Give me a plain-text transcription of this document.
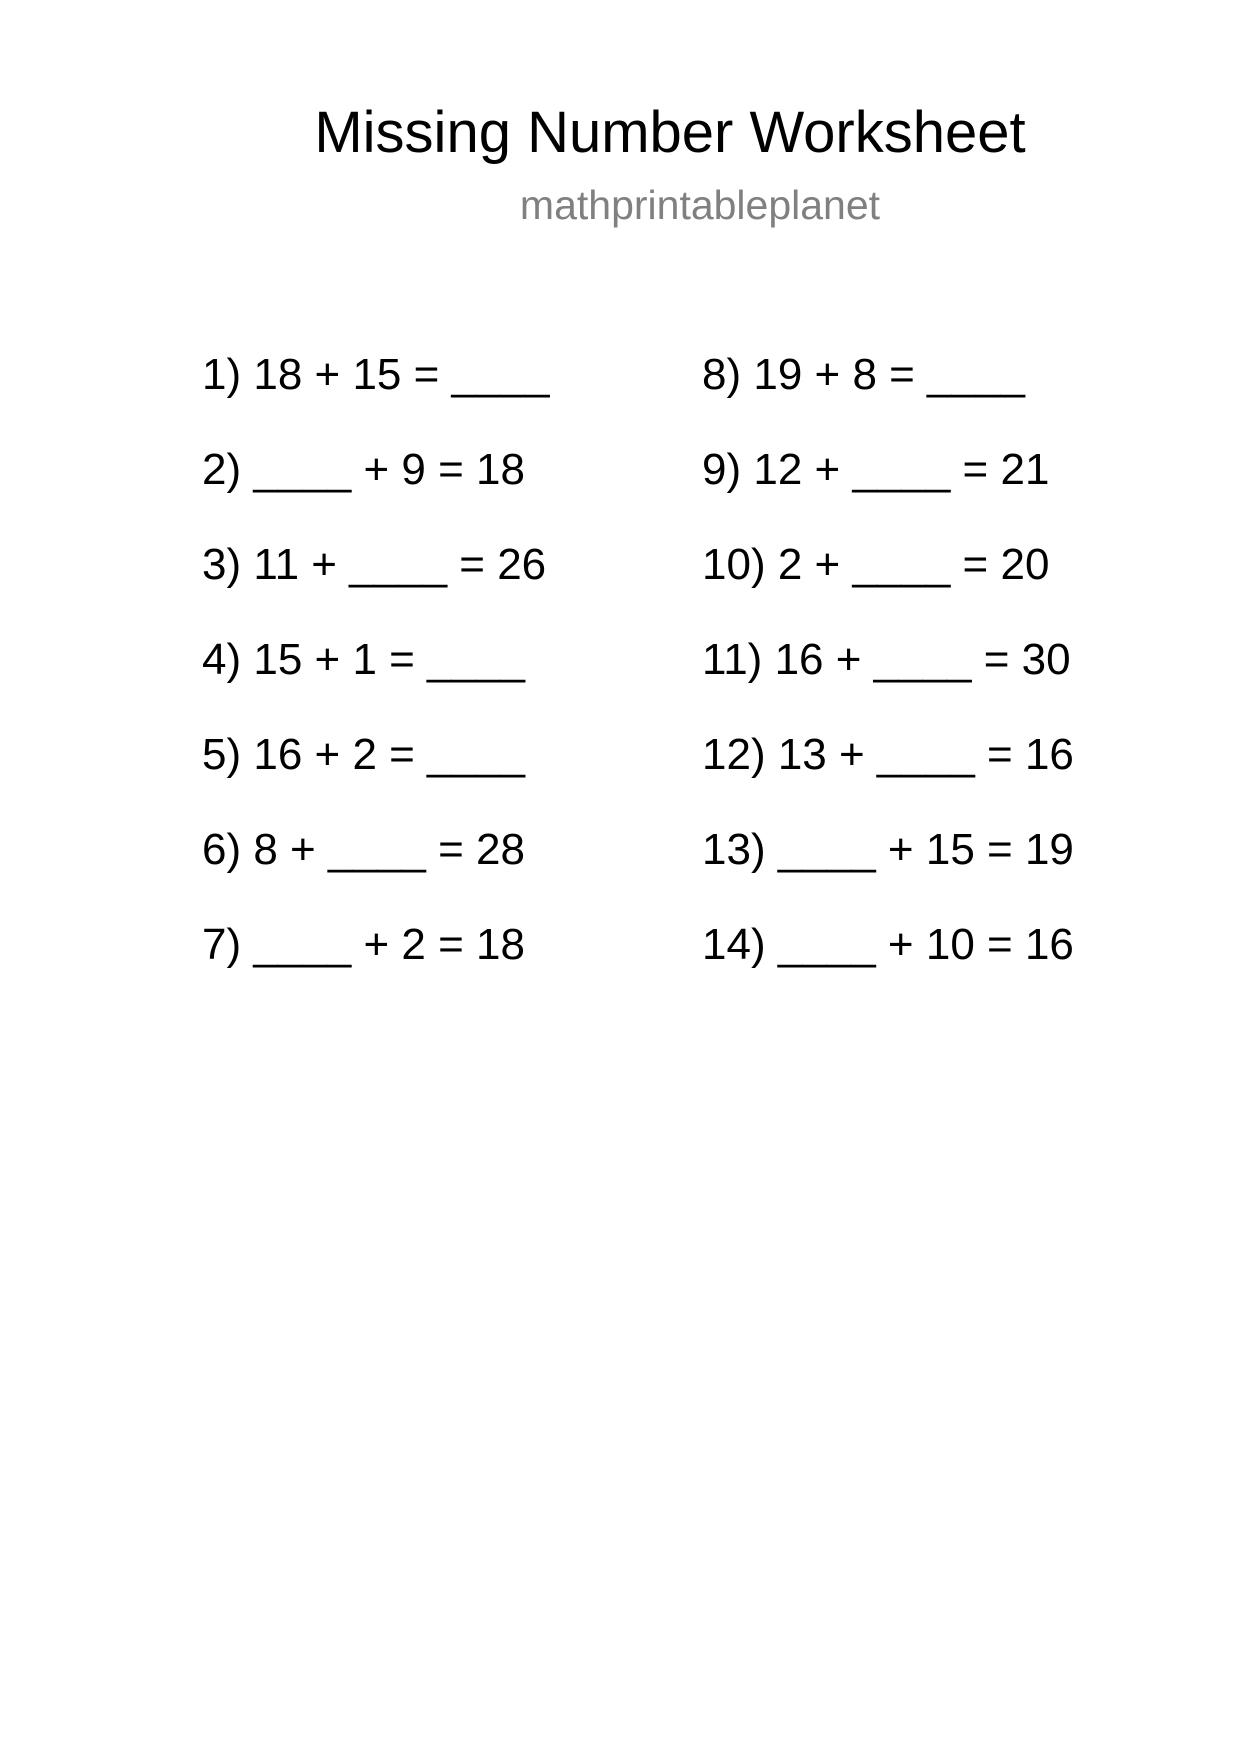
Missing Number Worksheet
mathprintableplanet
1) 18 + 15 = ____
2) ____ + 9 = 18
3) 11 + ____ = 26
4) 15 + 1 = ____
5) 16 + 2 = ____
6) 8 + ____ = 28
7) ____ + 2 = 18
8) 19 + 8 = ____
9) 12 + ____ = 21
10) 2 + ____ = 20
11) 16 + ____ = 30
12) 13 + ____ = 16
13) ____ + 15 = 19
14) ____ + 10 = 16
